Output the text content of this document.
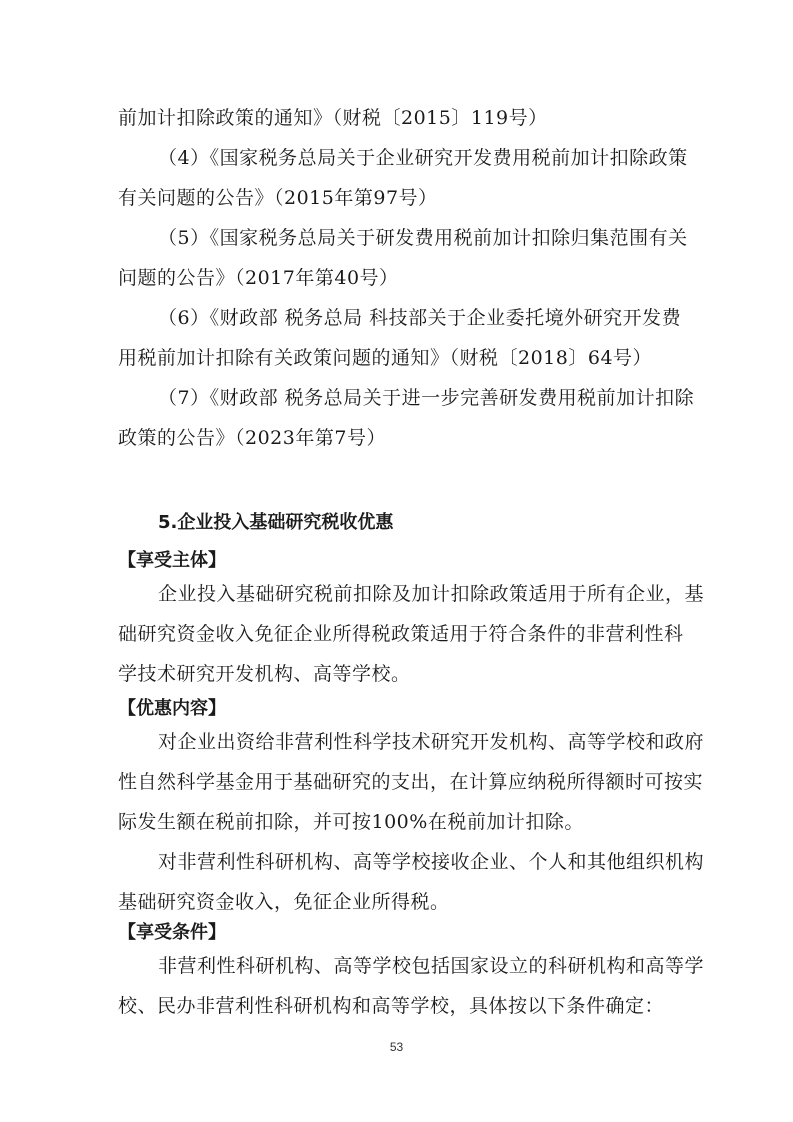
前加计扣除政策的通知》（财税〔2015〕119号）
（4）《国家税务总局关于企业研究开发费用税前加计扣除政策
有关问题的公告》（2015年第97号）
（5）《国家税务总局关于研发费用税前加计扣除归集范围有关
问题的公告》（2017年第40号）
（6）《财政部 税务总局 科技部关于企业委托境外研究开发费
用税前加计扣除有关政策问题的通知》（财税〔2018〕64号）
（7）《财政部 税务总局关于进一步完善研发费用税前加计扣除
政策的公告》（2023年第7号）
5.企业投入基础研究税收优惠
【享受主体】
企业投入基础研究税前扣除及加计扣除政策适用于所有企业，基
础研究资金收入免征企业所得税政策适用于符合条件的非营利性科
学技术研究开发机构、高等学校。
【优惠内容】
对企业出资给非营利性科学技术研究开发机构、高等学校和政府
性自然科学基金用于基础研究的支出，在计算应纳税所得额时可按实
际发生额在税前扣除，并可按100%在税前加计扣除。
对非营利性科研机构、高等学校接收企业、个人和其他组织机构
基础研究资金收入，免征企业所得税。
【享受条件】
非营利性科研机构、高等学校包括国家设立的科研机构和高等学
校、民办非营利性科研机构和高等学校，具体按以下条件确定：
53
